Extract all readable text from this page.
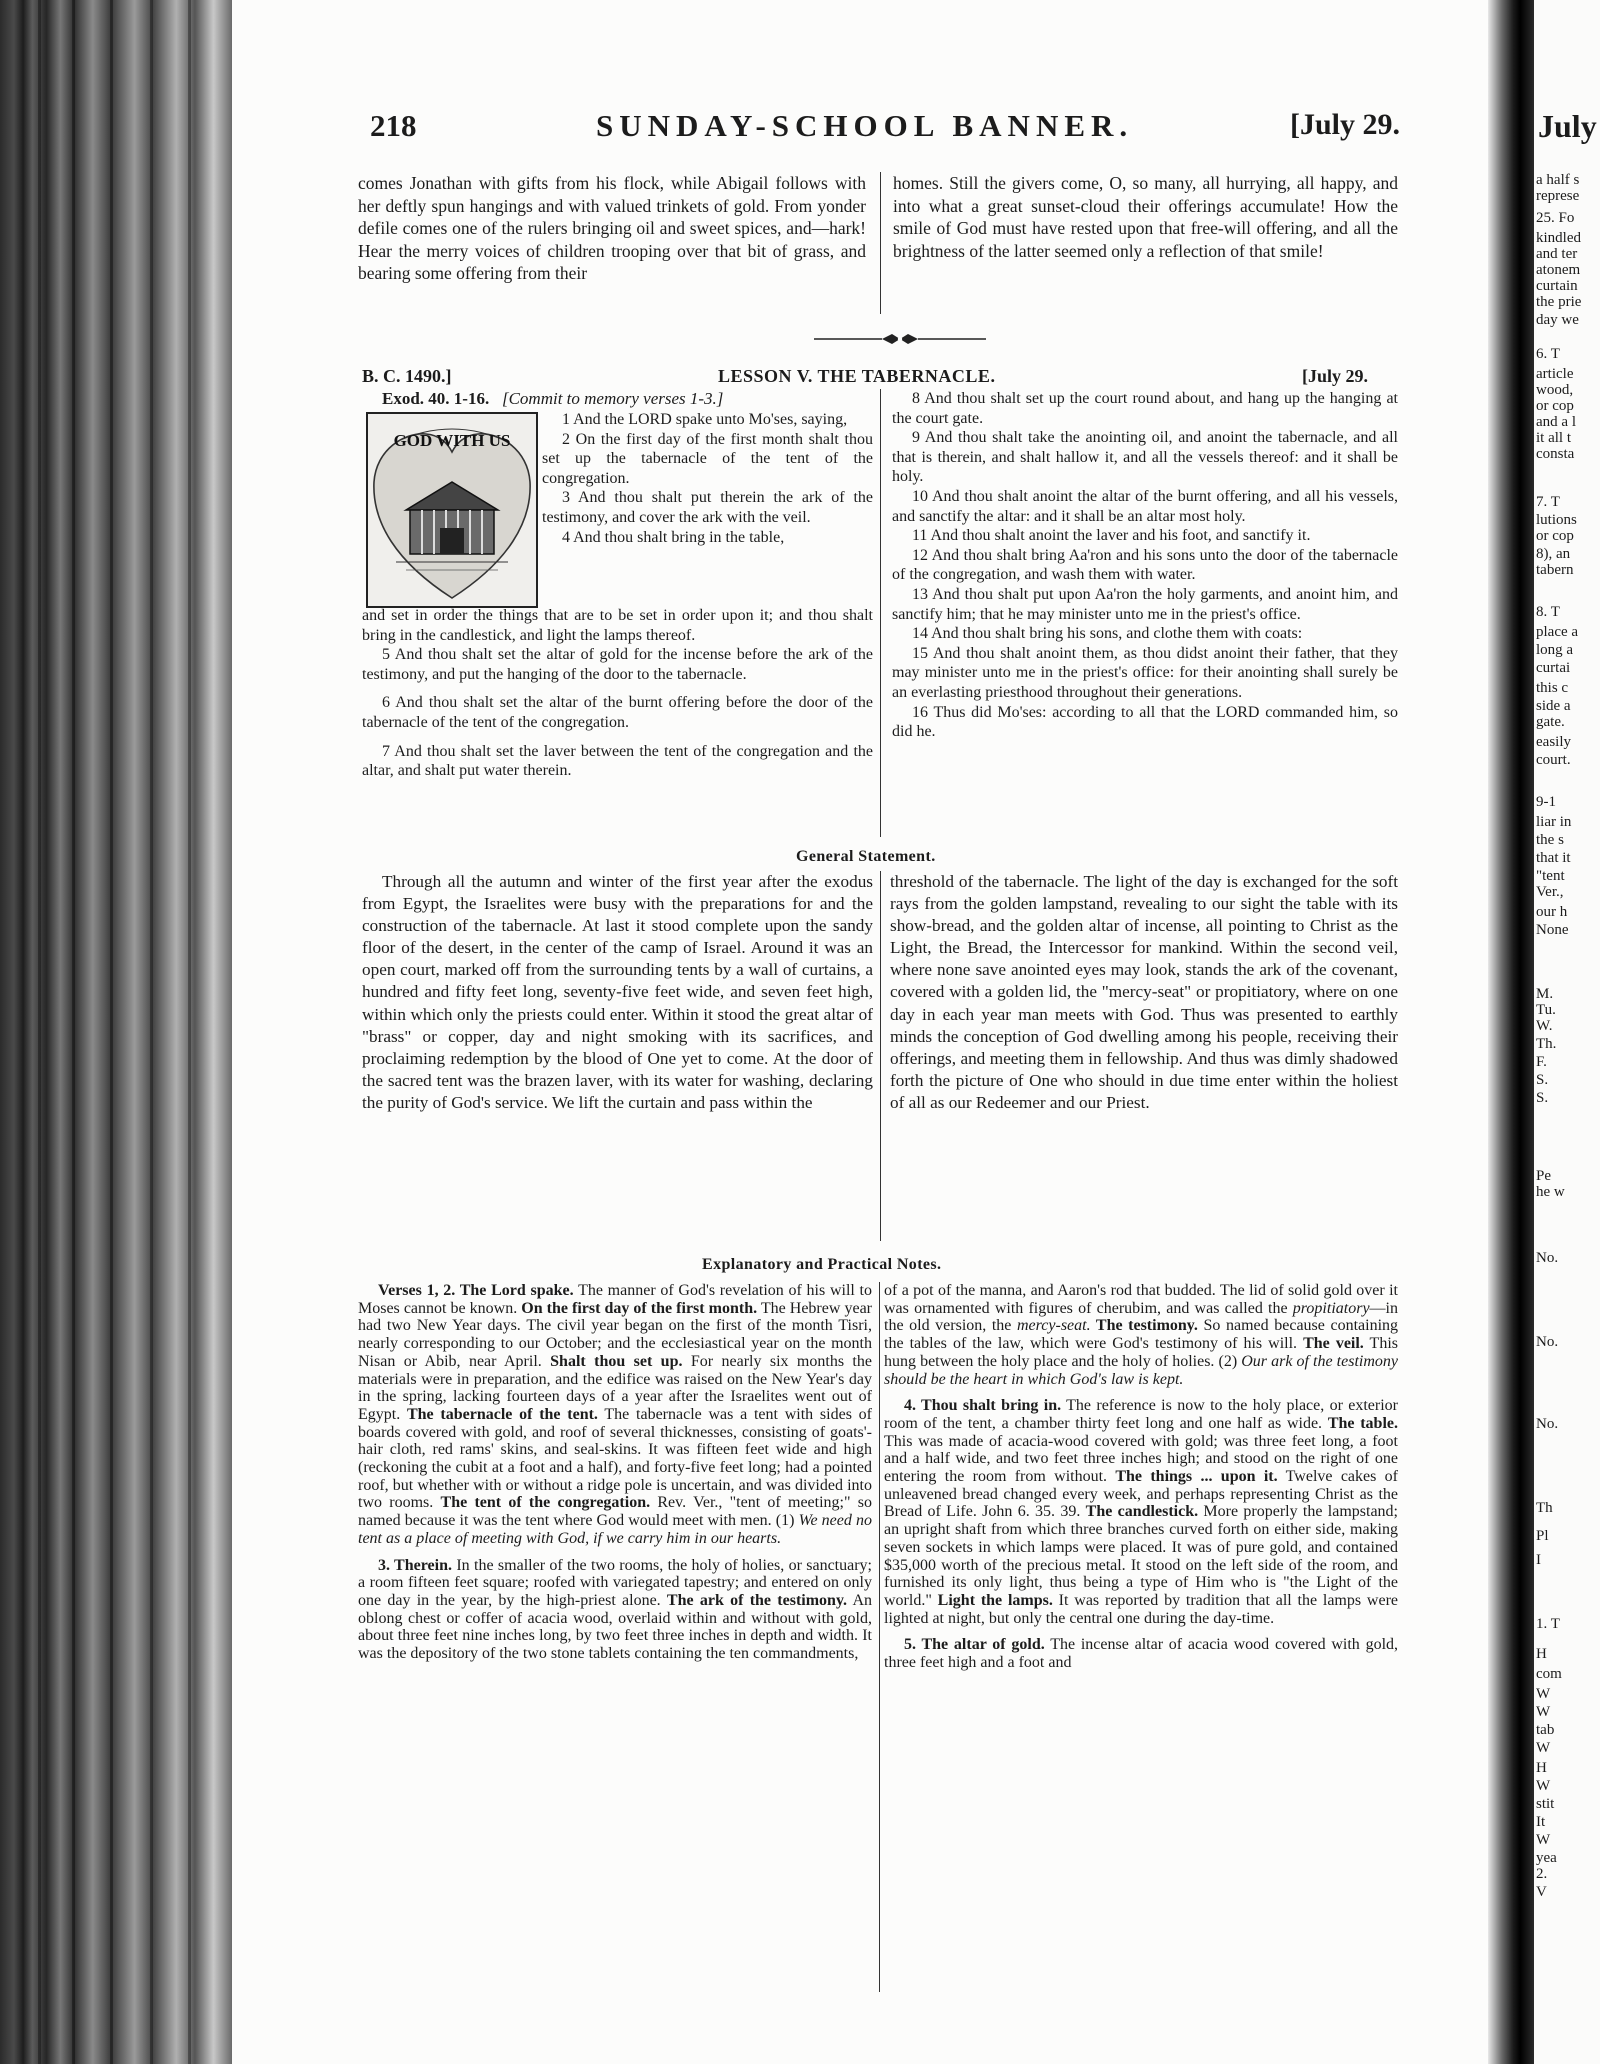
218	SUNDAY-SCHOOL BANNER.	[July 29.

comes Jonathan with gifts from his flock, while Abigail follows with her deftly spun hangings and with valued trinkets of gold. From yonder defile comes one of the rulers bringing oil and sweet spices, and—hark! Hear the merry voices of children trooping over that bit of grass, and bearing some offering from their

homes. Still the givers come, O, so many, all hurrying, all happy, and into what a great sunset-cloud their offerings accumulate! How the smile of God must have rested upon that free-will offering, and all the brightness of the latter seemed only a reflection of that smile!

B. C. 1490.]	LESSON V. THE TABERNACLE.	[July 29.
Exod. 40. 1-16. [Commit to memory verses 1-3.]
GOD WITH US

1 And the LORD spake unto Mo'ses, saying,

2 On the first day of the first month shalt thou set up the tabernacle of the tent of the congregation.

3 And thou shalt put therein the ark of the testimony, and cover the ark with the veil.

4 And thou shalt bring in the table,

and set in order the things that are to be set in order upon it; and thou shalt bring in the candlestick, and light the lamps thereof.

5 And thou shalt set the altar of gold for the incense before the ark of the testimony, and put the hanging of the door to the tabernacle.

6 And thou shalt set the altar of the burnt offering before the door of the tabernacle of the tent of the congregation.

7 And thou shalt set the laver between the tent of the congregation and the altar, and shalt put water therein.

8 And thou shalt set up the court round about, and hang up the hanging at the court gate.

9 And thou shalt take the anointing oil, and anoint the tabernacle, and all that is therein, and shalt hallow it, and all the vessels thereof: and it shall be holy.

10 And thou shalt anoint the altar of the burnt offering, and all his vessels, and sanctify the altar: and it shall be an altar most holy.

11 And thou shalt anoint the laver and his foot, and sanctify it.

12 And thou shalt bring Aa'ron and his sons unto the door of the tabernacle of the congregation, and wash them with water.

13 And thou shalt put upon Aa'ron the holy garments, and anoint him, and sanctify him; that he may minister unto me in the priest's office.

14 And thou shalt bring his sons, and clothe them with coats:

15 And thou shalt anoint them, as thou didst anoint their father, that they may minister unto me in the priest's office: for their anointing shall surely be an everlasting priesthood throughout their generations.

16 Thus did Mo'ses: according to all that the LORD commanded him, so did he.

General Statement.

Through all the autumn and winter of the first year after the exodus from Egypt, the Israelites were busy with the preparations for and the construction of the tabernacle. At last it stood complete upon the sandy floor of the desert, in the center of the camp of Israel. Around it was an open court, marked off from the surrounding tents by a wall of curtains, a hundred and fifty feet long, seventy-five feet wide, and seven feet high, within which only the priests could enter. Within it stood the great altar of "brass" or copper, day and night smoking with its sacrifices, and proclaiming redemption by the blood of One yet to come. At the door of the sacred tent was the brazen laver, with its water for washing, declaring the purity of God's service. We lift the curtain and pass within the

threshold of the tabernacle. The light of the day is exchanged for the soft rays from the golden lampstand, revealing to our sight the table with its show-bread, and the golden altar of incense, all pointing to Christ as the Light, the Bread, the Intercessor for mankind. Within the second veil, where none save anointed eyes may look, stands the ark of the covenant, covered with a golden lid, the "mercy-seat" or propitiatory, where on one day in each year man meets with God. Thus was presented to earthly minds the conception of God dwelling among his people, receiving their offerings, and meeting them in fellowship. And thus was dimly shadowed forth the picture of One who should in due time enter within the holiest of all as our Redeemer and our Priest.

Explanatory and Practical Notes.

Verses 1, 2. The Lord spake. The manner of God's revelation of his will to Moses cannot be known. On the first day of the first month. The Hebrew year had two New Year days. The civil year began on the first of the month Tisri, nearly corresponding to our October; and the ecclesiastical year on the month Nisan or Abib, near April. Shalt thou set up. For nearly six months the materials were in preparation, and the edifice was raised on the New Year's day in the spring, lacking fourteen days of a year after the Israelites went out of Egypt. The tabernacle of the tent. The tabernacle was a tent with sides of boards covered with gold, and roof of several thicknesses, consisting of goats'-hair cloth, red rams' skins, and seal-skins. It was fifteen feet wide and high (reckoning the cubit at a foot and a half), and forty-five feet long; had a pointed roof, but whether with or without a ridge pole is uncertain, and was divided into two rooms. The tent of the congregation. Rev. Ver., "tent of meeting;" so named because it was the tent where God would meet with men. (1) We need no tent as a place of meeting with God, if we carry him in our hearts.

3. Therein. In the smaller of the two rooms, the holy of holies, or sanctuary; a room fifteen feet square; roofed with variegated tapestry; and entered on only one day in the year, by the high-priest alone. The ark of the testimony. An oblong chest or coffer of acacia wood, overlaid within and without with gold, about three feet nine inches long, by two feet three inches in depth and width. It was the depository of the two stone tablets containing the ten commandments,

of a pot of the manna, and Aaron's rod that budded. The lid of solid gold over it was ornamented with figures of cherubim, and was called the propitiatory—in the old version, the mercy-seat. The testimony. So named because containing the tables of the law, which were God's testimony of his will. The veil. This hung between the holy place and the holy of holies. (2) Our ark of the testimony should be the heart in which God's law is kept.

4. Thou shalt bring in. The reference is now to the holy place, or exterior room of the tent, a chamber thirty feet long and one half as wide. The table. This was made of acacia-wood covered with gold; was three feet long, a foot and a half wide, and two feet three inches high; and stood on the right of one entering the room from without. The things ... upon it. Twelve cakes of unleavened bread changed every week, and perhaps representing Christ as the Bread of Life. John 6. 35. 39. The candlestick. More properly the lampstand; an upright shaft from which three branches curved forth on either side, making seven sockets in which lamps were placed. It was of pure gold, and contained $35,000 worth of the precious metal. It stood on the left side of the room, and furnished its only light, thus being a type of Him who is "the Light of the world." Light the lamps. It was reported by tradition that all the lamps were lighted at night, but only the central one during the day-time.

5. The altar of gold. The incense altar of acacia wood covered with gold, three feet high and a foot and

July
a half s
represe
25. Fo
kindled
and ter
atonem
curtain
the prie
day we
6. T
article
wood,
or cop
and a l
it all t
consta
7. T
lutions
or cop
8), an
tabern
8. T
place a
long a
curtai
this c
side a
gate.
easily
court.
9-1
liar in
the s
that it
"tent
Ver.,
our h
None
M.
Tu.
W.
Th.
F.
S.
S.
Pe
he w
No.
No.
No.
Th
Pl
I
1. T
H
com
W
W
tab
W
H
W
stit
It
W
yea
2.
V
